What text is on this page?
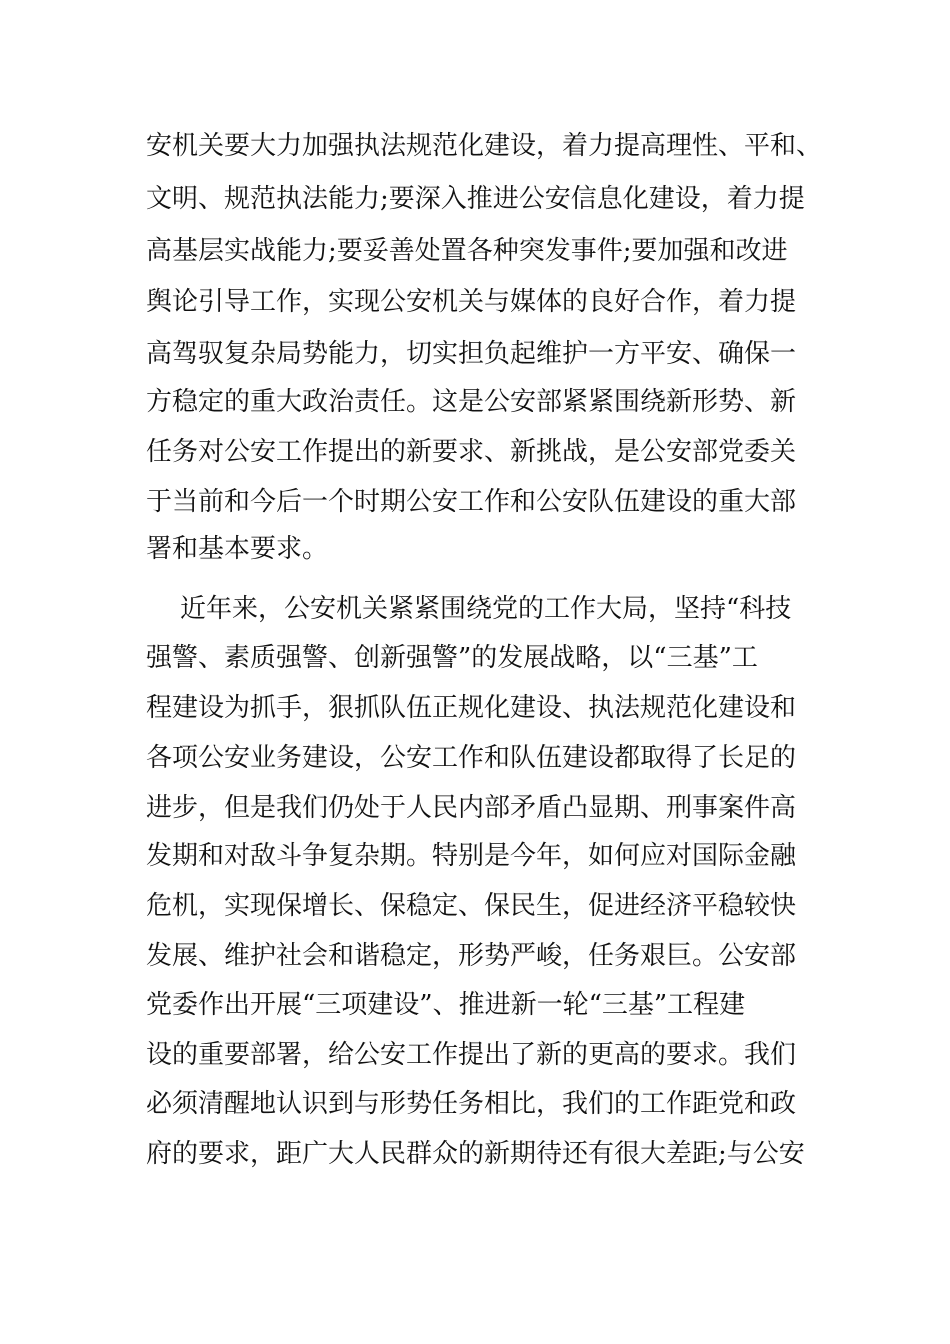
安机关要大力加强执法规范化建设，着力提高理性、平和、
文明、规范执法能力;要深入推进公安信息化建设，着力提
高基层实战能力;要妥善处置各种突发事件;要加强和改进
舆论引导工作，实现公安机关与媒体的良好合作，着力提
高驾驭复杂局势能力，切实担负起维护一方平安、确保一
方稳定的重大政治责任。这是公安部紧紧围绕新形势、新
任务对公安工作提出的新要求、新挑战，是公安部党委关
于当前和今后一个时期公安工作和公安队伍建设的重大部
署和基本要求。
近年来，公安机关紧紧围绕党的工作大局，坚持“科技
强警、素质强警、创新强警”的发展战略，以“三基”工
程建设为抓手，狠抓队伍正规化建设、执法规范化建设和
各项公安业务建设，公安工作和队伍建设都取得了长足的
进步，但是我们仍处于人民内部矛盾凸显期、刑事案件高
发期和对敌斗争复杂期。特别是今年，如何应对国际金融
危机，实现保增长、保稳定、保民生，促进经济平稳较快
发展、维护社会和谐稳定，形势严峻，任务艰巨。公安部
党委作出开展“三项建设”、推进新一轮“三基”工程建
设的重要部署，给公安工作提出了新的更高的要求。我们
必须清醒地认识到与形势任务相比，我们的工作距党和政
府的要求，距广大人民群众的新期待还有很大差距;与公安
